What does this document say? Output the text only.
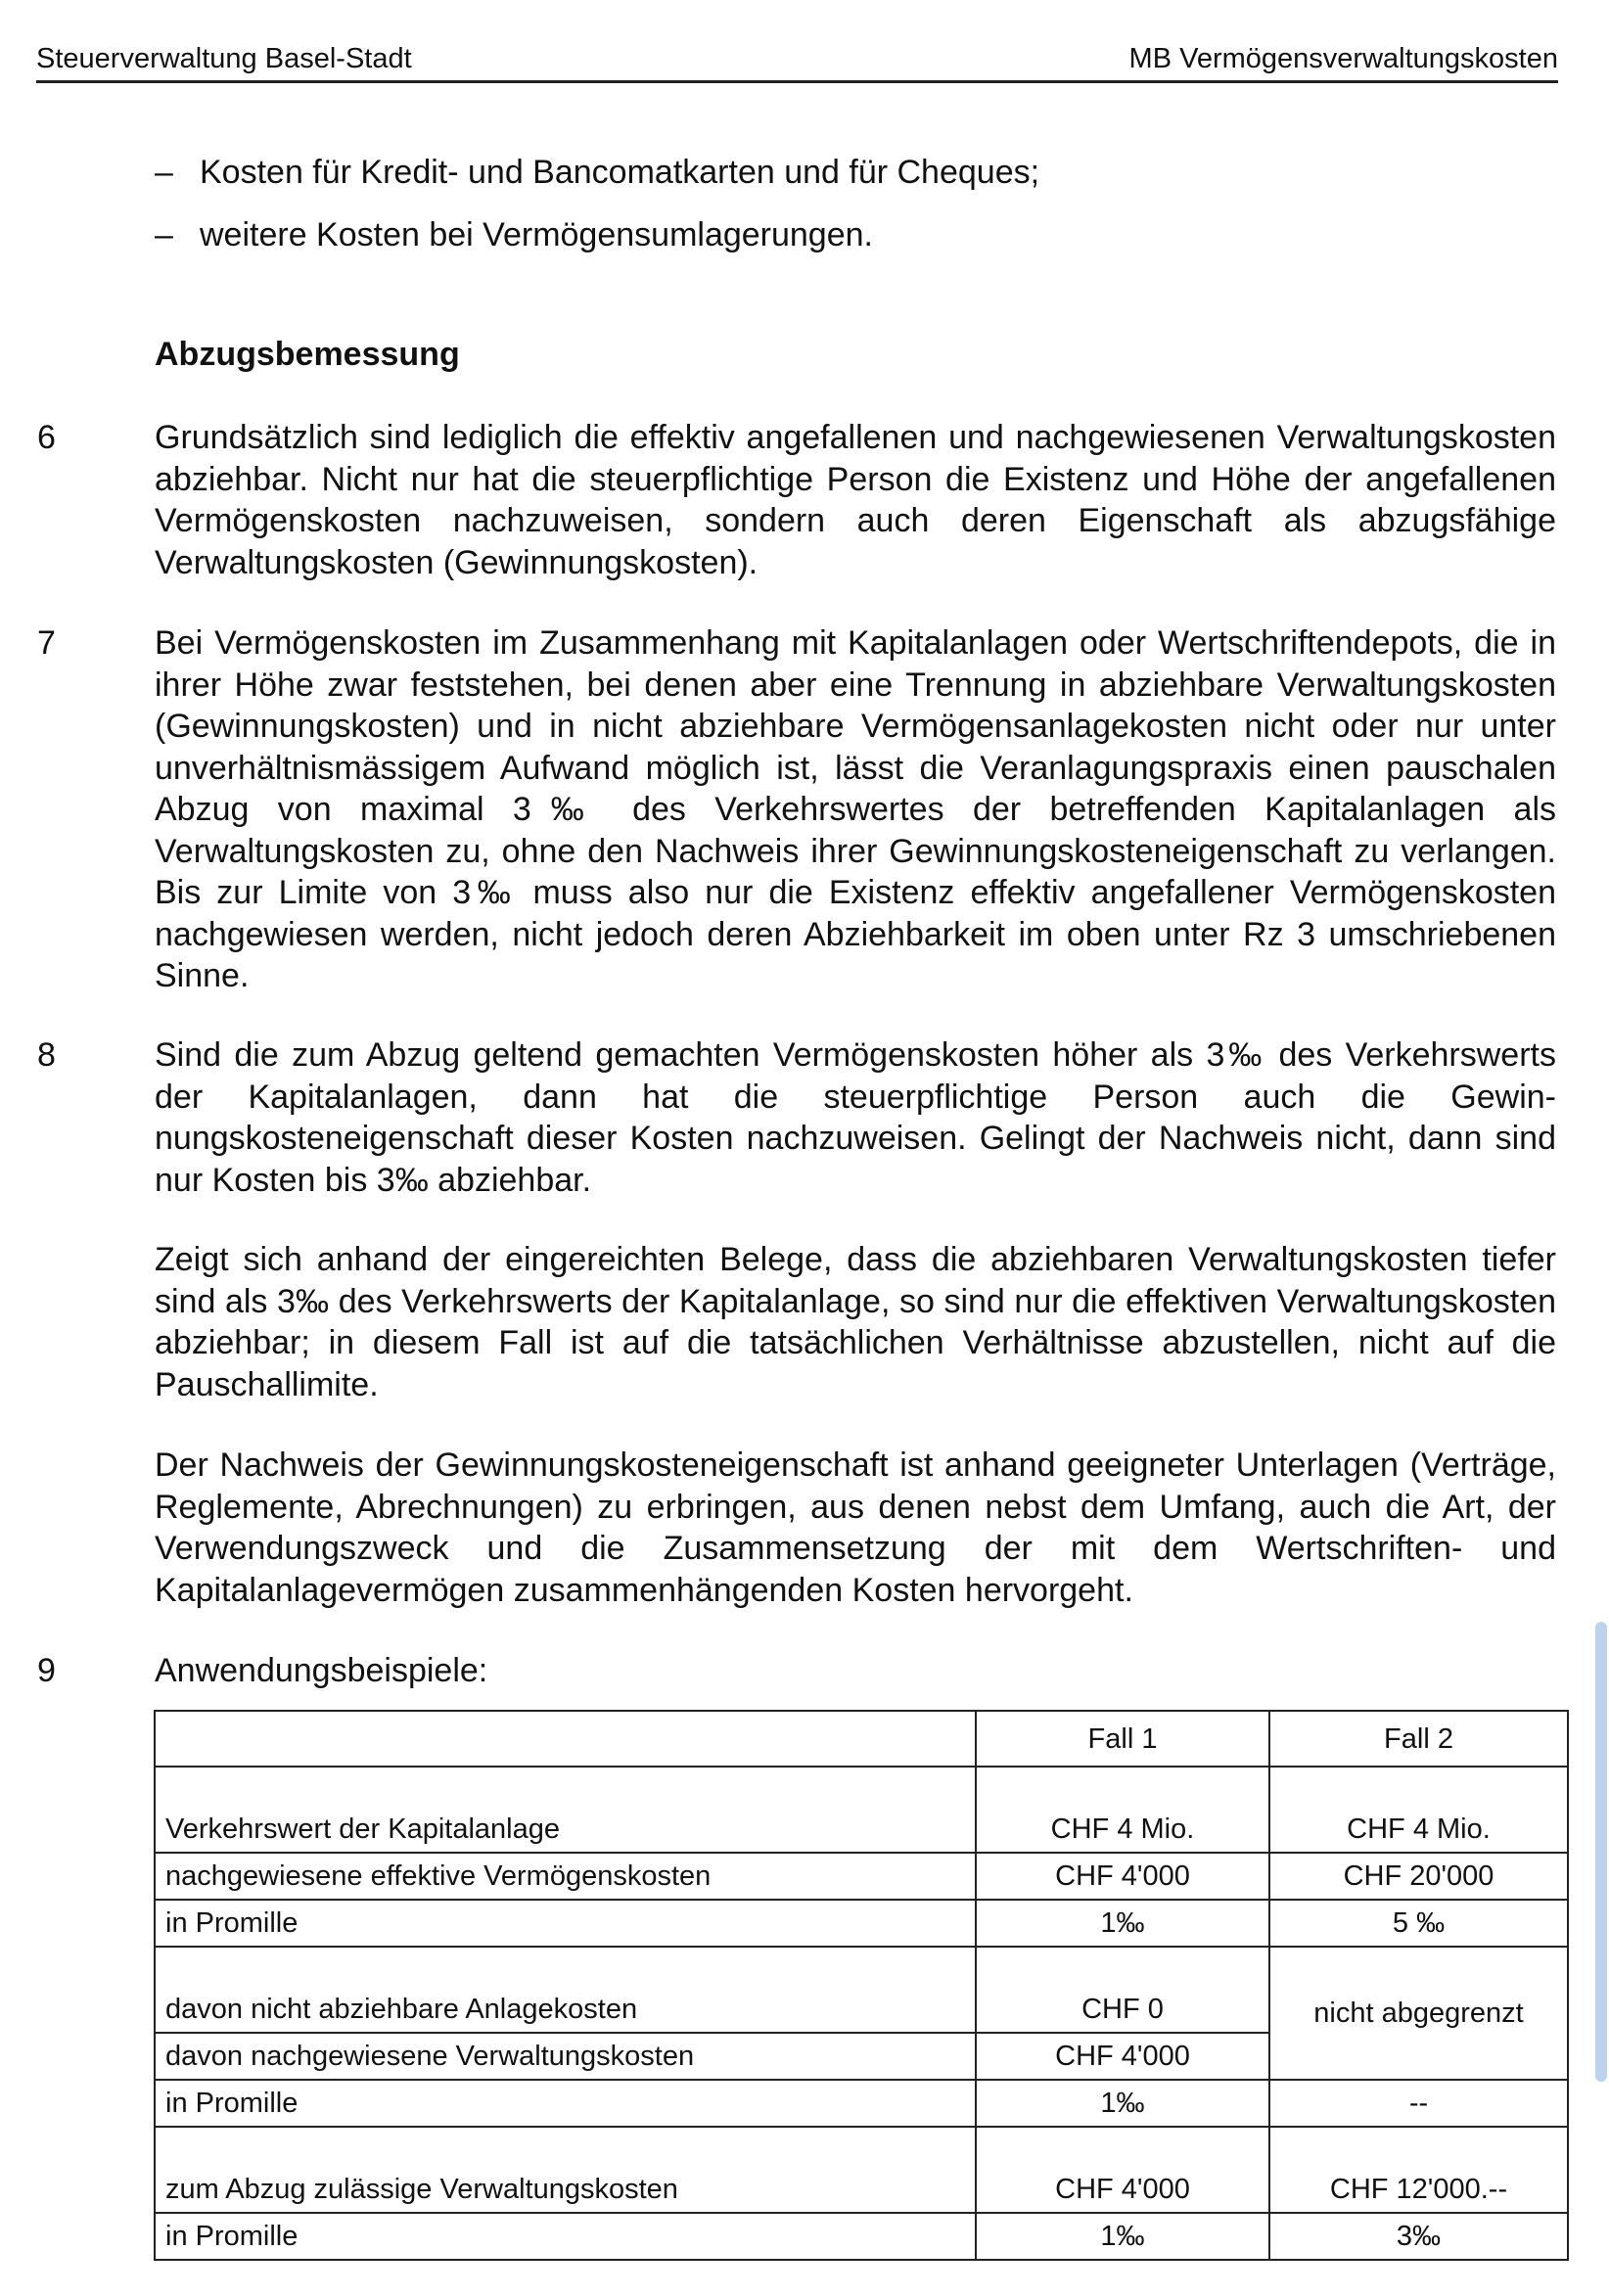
Steuerverwaltung Basel-Stadt	MB Vermögensverwaltungskosten
– Kosten für Kredit- und Bancomatkarten und für Cheques;
– weitere Kosten bei Vermögensumlagerungen.
Abzugsbemessung
6	Grundsätzlich sind lediglich die effektiv angefallenen und nachgewiesenen Verwaltungskosten abziehbar. Nicht nur hat die steuerpflichtige Person die Existenz und Höhe der angefallenen Vermögenskosten nachzuweisen, sondern auch deren Eigenschaft als abzugsfähige Verwaltungskosten (Gewinnungskosten).
7	Bei Vermögenskosten im Zusammenhang mit Kapitalanlagen oder Wertschriftendepots, die in ihrer Höhe zwar feststehen, bei denen aber eine Trennung in abziehbare Verwaltungskosten (Gewinnungskosten) und in nicht abziehbare Vermögensanlagekosten nicht oder nur unter unverhältnismässigem Aufwand möglich ist, lässt die Veranlagungspraxis einen pauschalen Abzug von maximal 3‰ des Verkehrswertes der betreffenden Kapitalanlagen als Verwaltungskosten zu, ohne den Nachweis ihrer Gewinnungskosteneigenschaft zu verlangen. Bis zur Limite von 3‰ muss also nur die Existenz effektiv angefallener Vermögenskosten nachgewiesen werden, nicht jedoch deren Abziehbarkeit im oben unter Rz 3 umschriebenen Sinne.
8	Sind die zum Abzug geltend gemachten Vermögenskosten höher als 3‰ des Verkehrswerts der Kapitalanlagen, dann hat die steuerpflichtige Person auch die Gewinnungskosteneigenschaft dieser Kosten nachzuweisen. Gelingt der Nachweis nicht, dann sind nur Kosten bis 3‰ abziehbar.
Zeigt sich anhand der eingereichten Belege, dass die abziehbaren Verwaltungskosten tiefer sind als 3‰ des Verkehrswerts der Kapitalanlage, so sind nur die effektiven Verwaltungskosten abziehbar; in diesem Fall ist auf die tatsächlichen Verhältnisse abzustellen, nicht auf die Pauschallimite.
Der Nachweis der Gewinnungskosteneigenschaft ist anhand geeigneter Unterlagen (Verträge, Reglemente, Abrechnungen) zu erbringen, aus denen nebst dem Umfang, auch die Art, der Verwendungszweck und die Zusammensetzung der mit dem Wertschriften- und Kapitalanlagevermögen zusammenhängenden Kosten hervorgeht.
9	Anwendungsbeispiele:
	Fall 1	Fall 2
Verkehrswert der Kapitalanlage	CHF 4 Mio.	CHF 4 Mio.
nachgewiesene effektive Vermögenskosten	CHF 4'000	CHF 20'000
in Promille	1‰	5 ‰
davon nicht abziehbare Anlagekosten	CHF 0	nicht abgegrenzt
davon nachgewiesene Verwaltungskosten	CHF 4'000	
in Promille	1‰	--
zum Abzug zulässige Verwaltungskosten	CHF 4'000	CHF 12'000.--
in Promille	1‰	3‰
